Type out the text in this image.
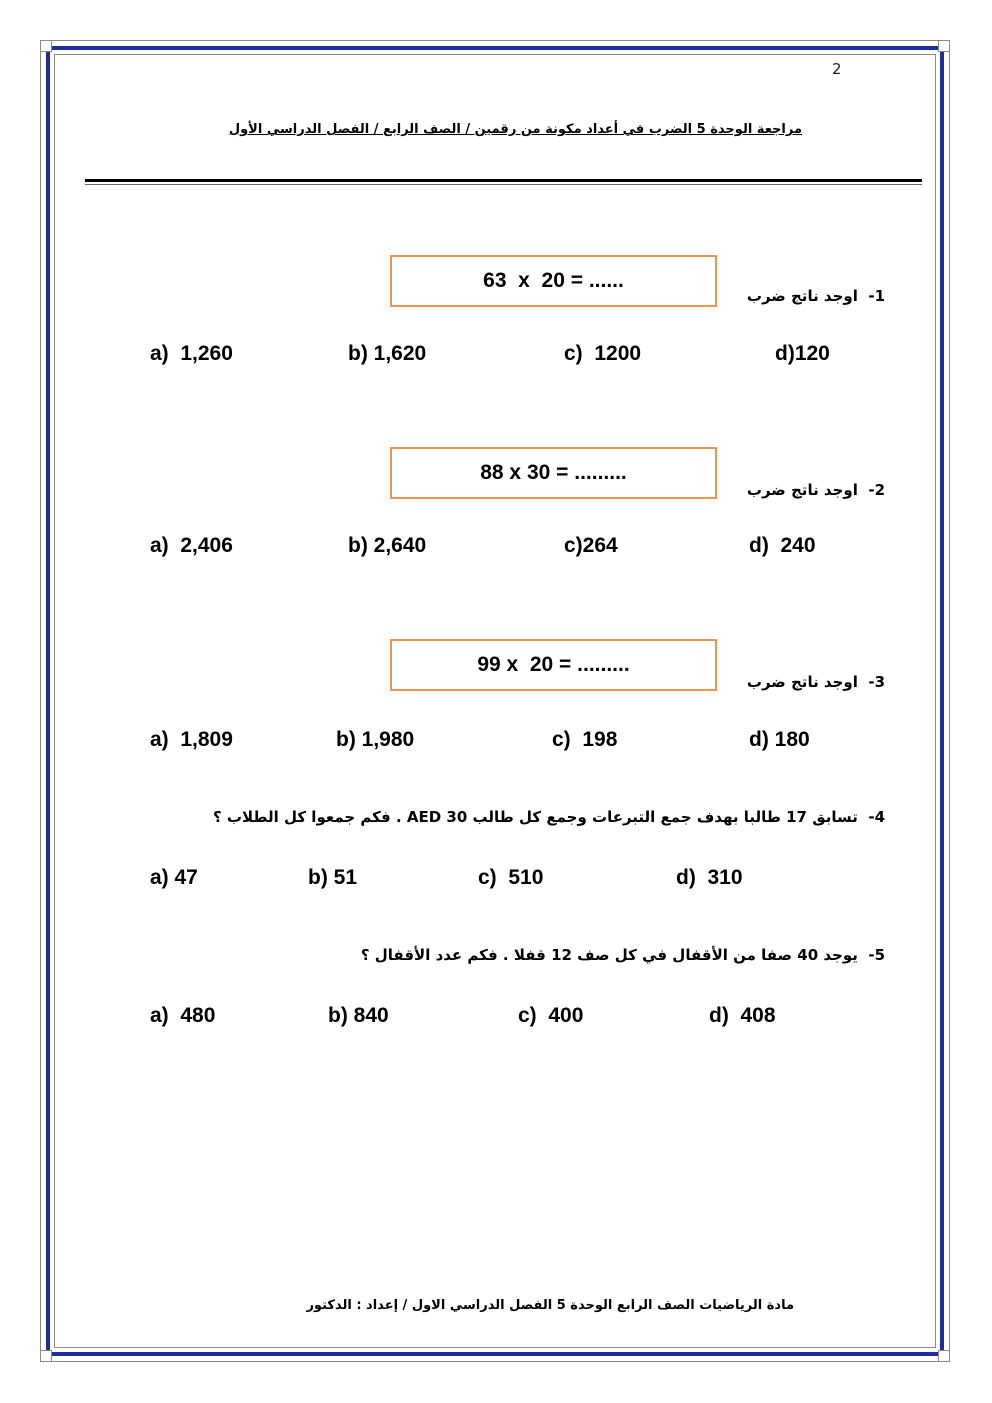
2
مراجعة الوحدة 5 الضرب في أعداد مكونة من رقمين / الصف الرابع / الفصل الدراسي الأول
63  x  20 = ......
1-  اوجد ناتج ضرب
a)  1,260	b) 1,620	c)  1200	d)120
88 x 30 = .........
2-  اوجد ناتج ضرب
a)  2,406	b) 2,640	c)264	d)  240
99 x  20 = .........
3-  اوجد ناتج ضرب
a)  1,809	b) 1,980	c)  198	d) 180
4-  تسابق 17 طالبا بهدف جمع التبرعات وجمع كل طالب 30 AED . فكم جمعوا كل الطلاب ؟
a) 47	b) 51	c)  510	d)  310
5-  يوجد 40 صفا من الأقفال في كل صف 12 قفلا . فكم عدد الأقفال ؟
a)  480	b) 840	c)  400	d)  408
مادة الرياضيات الصف الرابع الوحدة 5 الفصل الدراسي الاول / إعداد : الدكتور
